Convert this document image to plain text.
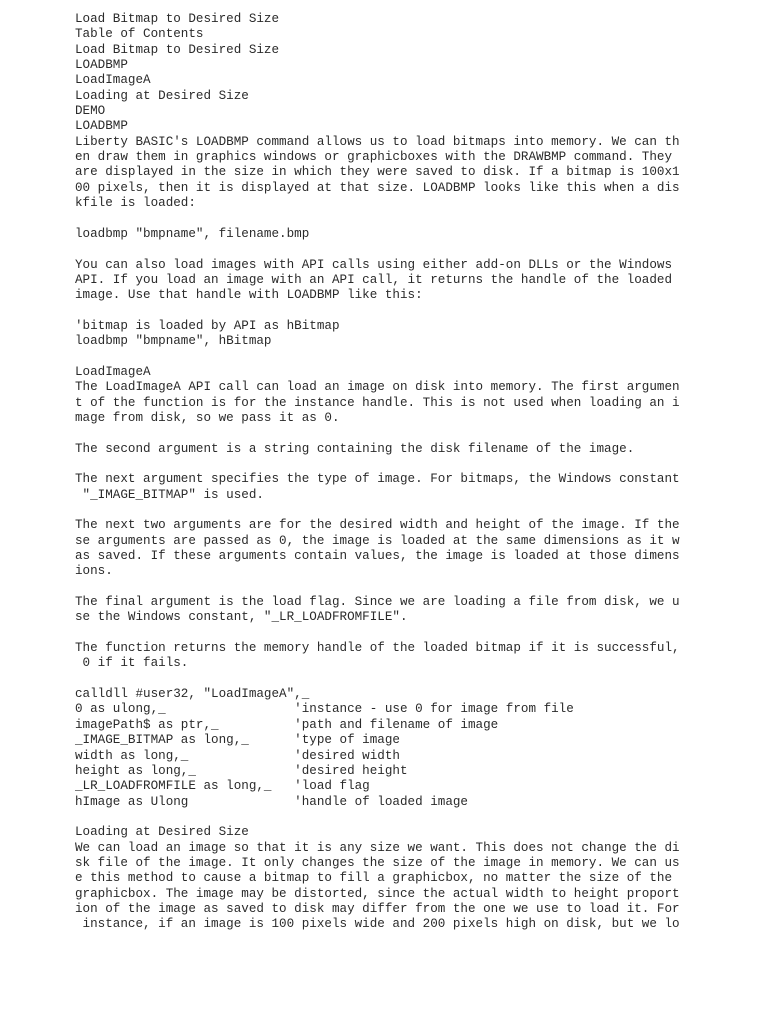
Load Bitmap to Desired Size
Table of Contents
Load Bitmap to Desired Size
LOADBMP
LoadImageA
Loading at Desired Size
DEMO
LOADBMP
Liberty BASIC's LOADBMP command allows us to load bitmaps into memory. We can th
en draw them in graphics windows or graphicboxes with the DRAWBMP command. They
are displayed in the size in which they were saved to disk. If a bitmap is 100x1
00 pixels, then it is displayed at that size. LOADBMP looks like this when a dis
kfile is loaded:
loadbmp "bmpname", filename.bmp
You can also load images with API calls using either add-on DLLs or the Windows
API. If you load an image with an API call, it returns the handle of the loaded
image. Use that handle with LOADBMP like this:
'bitmap is loaded by API as hBitmap
loadbmp "bmpname", hBitmap
LoadImageA
The LoadImageA API call can load an image on disk into memory. The first argumen
t of the function is for the instance handle. This is not used when loading an i
mage from disk, so we pass it as 0.
The second argument is a string containing the disk filename of the image.
The next argument specifies the type of image. For bitmaps, the Windows constant
"_IMAGE_BITMAP" is used.
The next two arguments are for the desired width and height of the image. If the
se arguments are passed as 0, the image is loaded at the same dimensions as it w
as saved. If these arguments contain values, the image is loaded at those dimens
ions.
The final argument is the load flag. Since we are loading a file from disk, we u
se the Windows constant, "_LR_LOADFROMFILE".
The function returns the memory handle of the loaded bitmap if it is successful,
0 if it fails.
calldll #user32, "LoadImageA",_
0 as ulong,_                 'instance - use 0 for image from file
imagePath$ as ptr,_          'path and filename of image
_IMAGE_BITMAP as long,_      'type of image
width as long,_              'desired width
height as long,_             'desired height
_LR_LOADFROMFILE as long,_   'load flag
hImage as Ulong              'handle of loaded image
Loading at Desired Size
We can load an image so that it is any size we want. This does not change the di
sk file of the image. It only changes the size of the image in memory. We can us
e this method to cause a bitmap to fill a graphicbox, no matter the size of the
graphicbox. The image may be distorted, since the actual width to height proport
ion of the image as saved to disk may differ from the one we use to load it. For
instance, if an image is 100 pixels wide and 200 pixels high on disk, but we lo
